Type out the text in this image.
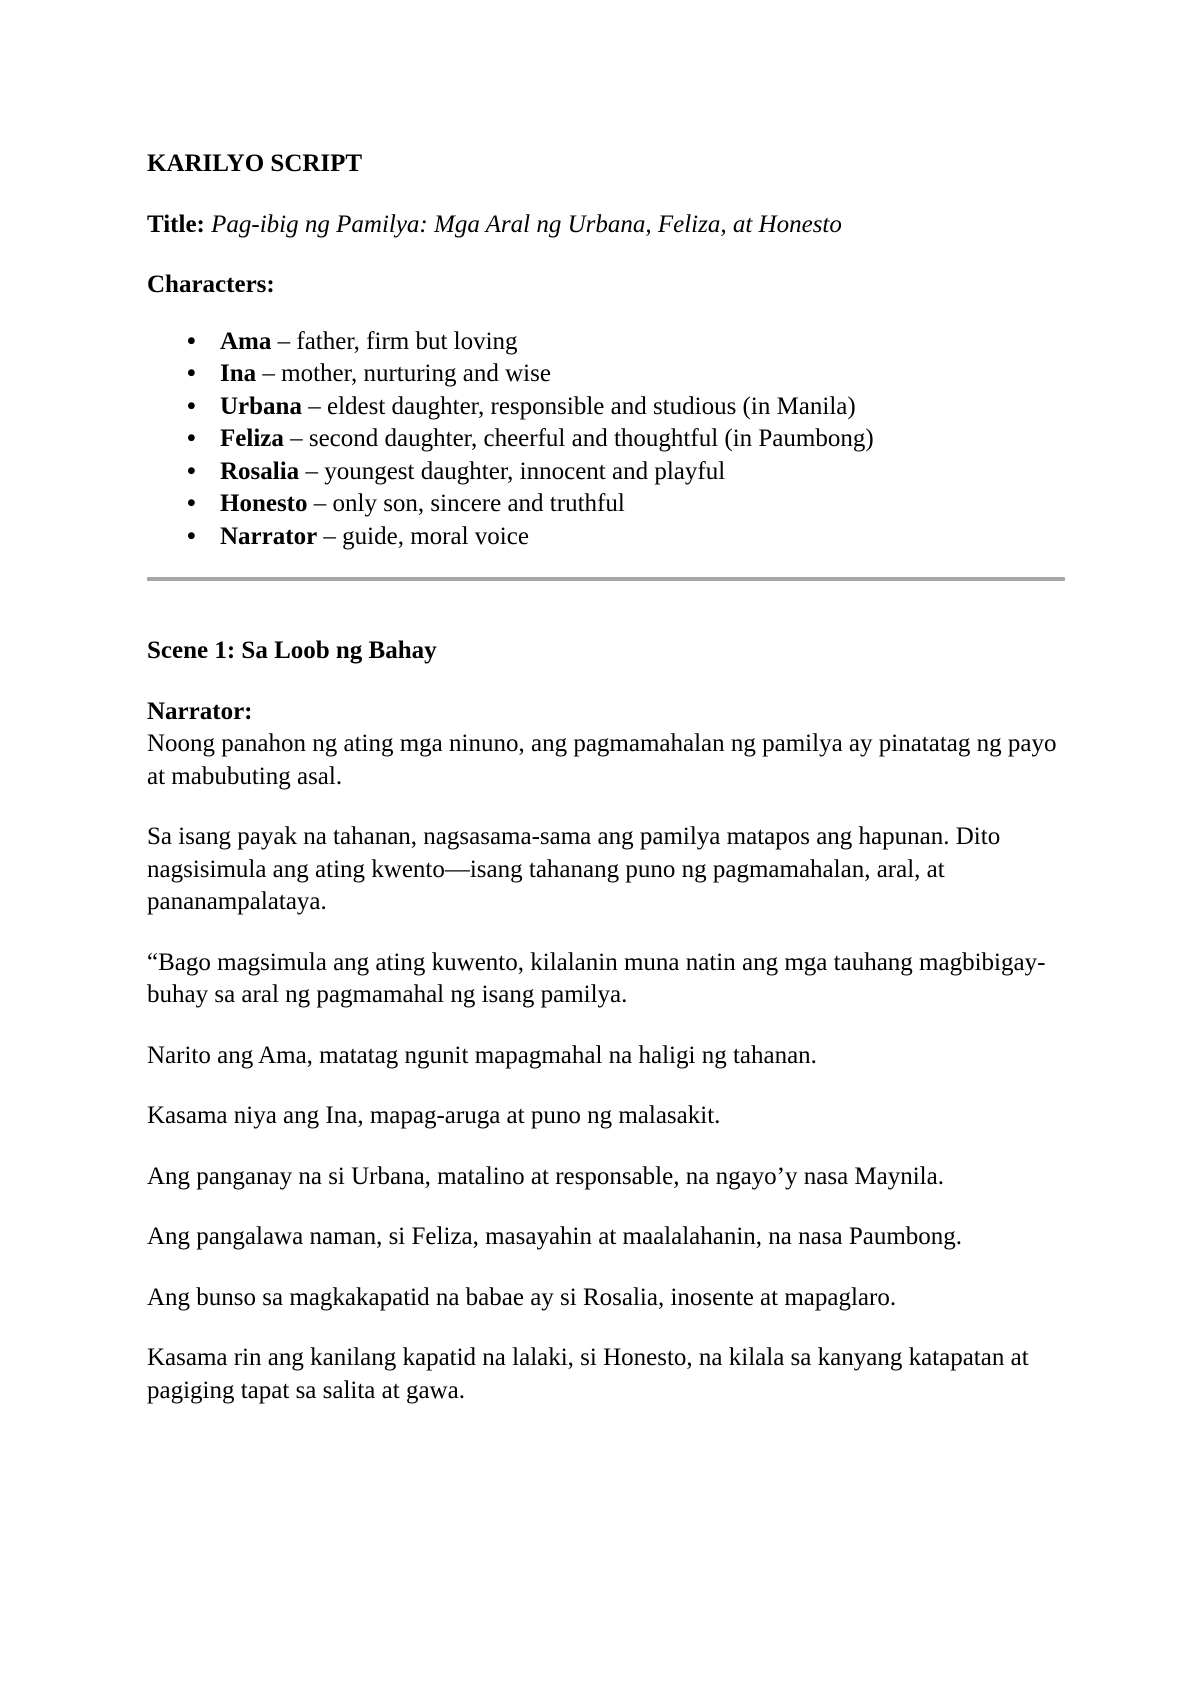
KARILYO SCRIPT

Title: Pag-ibig ng Pamilya: Mga Aral ng Urbana, Feliza, at Honesto

Characters:

• Ama – father, firm but loving
• Ina – mother, nurturing and wise
• Urbana – eldest daughter, responsible and studious (in Manila)
• Feliza – second daughter, cheerful and thoughtful (in Paumbong)
• Rosalia – youngest daughter, innocent and playful
• Honesto – only son, sincere and truthful
• Narrator – guide, moral voice

Scene 1: Sa Loob ng Bahay

Narrator:

Noong panahon ng ating mga ninuno, ang pagmamahalan ng pamilya ay pinatatag ng payo at mabubuting asal.

Sa isang payak na tahanan, nagsasama-sama ang pamilya matapos ang hapunan. Dito nagsisimula ang ating kwento—isang tahanang puno ng pagmamahalan, aral, at pananampalataya.

“Bago magsimula ang ating kuwento, kilalanin muna natin ang mga tauhang magbibigay-buhay sa aral ng pagmamahal ng isang pamilya.

Narito ang Ama, matatag ngunit mapagmahal na haligi ng tahanan.

Kasama niya ang Ina, mapag-aruga at puno ng malasakit.

Ang panganay na si Urbana, matalino at responsable, na ngayo’y nasa Maynila.

Ang pangalawa naman, si Feliza, masayahin at maalalahanin, na nasa Paumbong.

Ang bunso sa magkakapatid na babae ay si Rosalia, inosente at mapaglaro.

Kasama rin ang kanilang kapatid na lalaki, si Honesto, na kilala sa kanyang katapatan at pagiging tapat sa salita at gawa.
